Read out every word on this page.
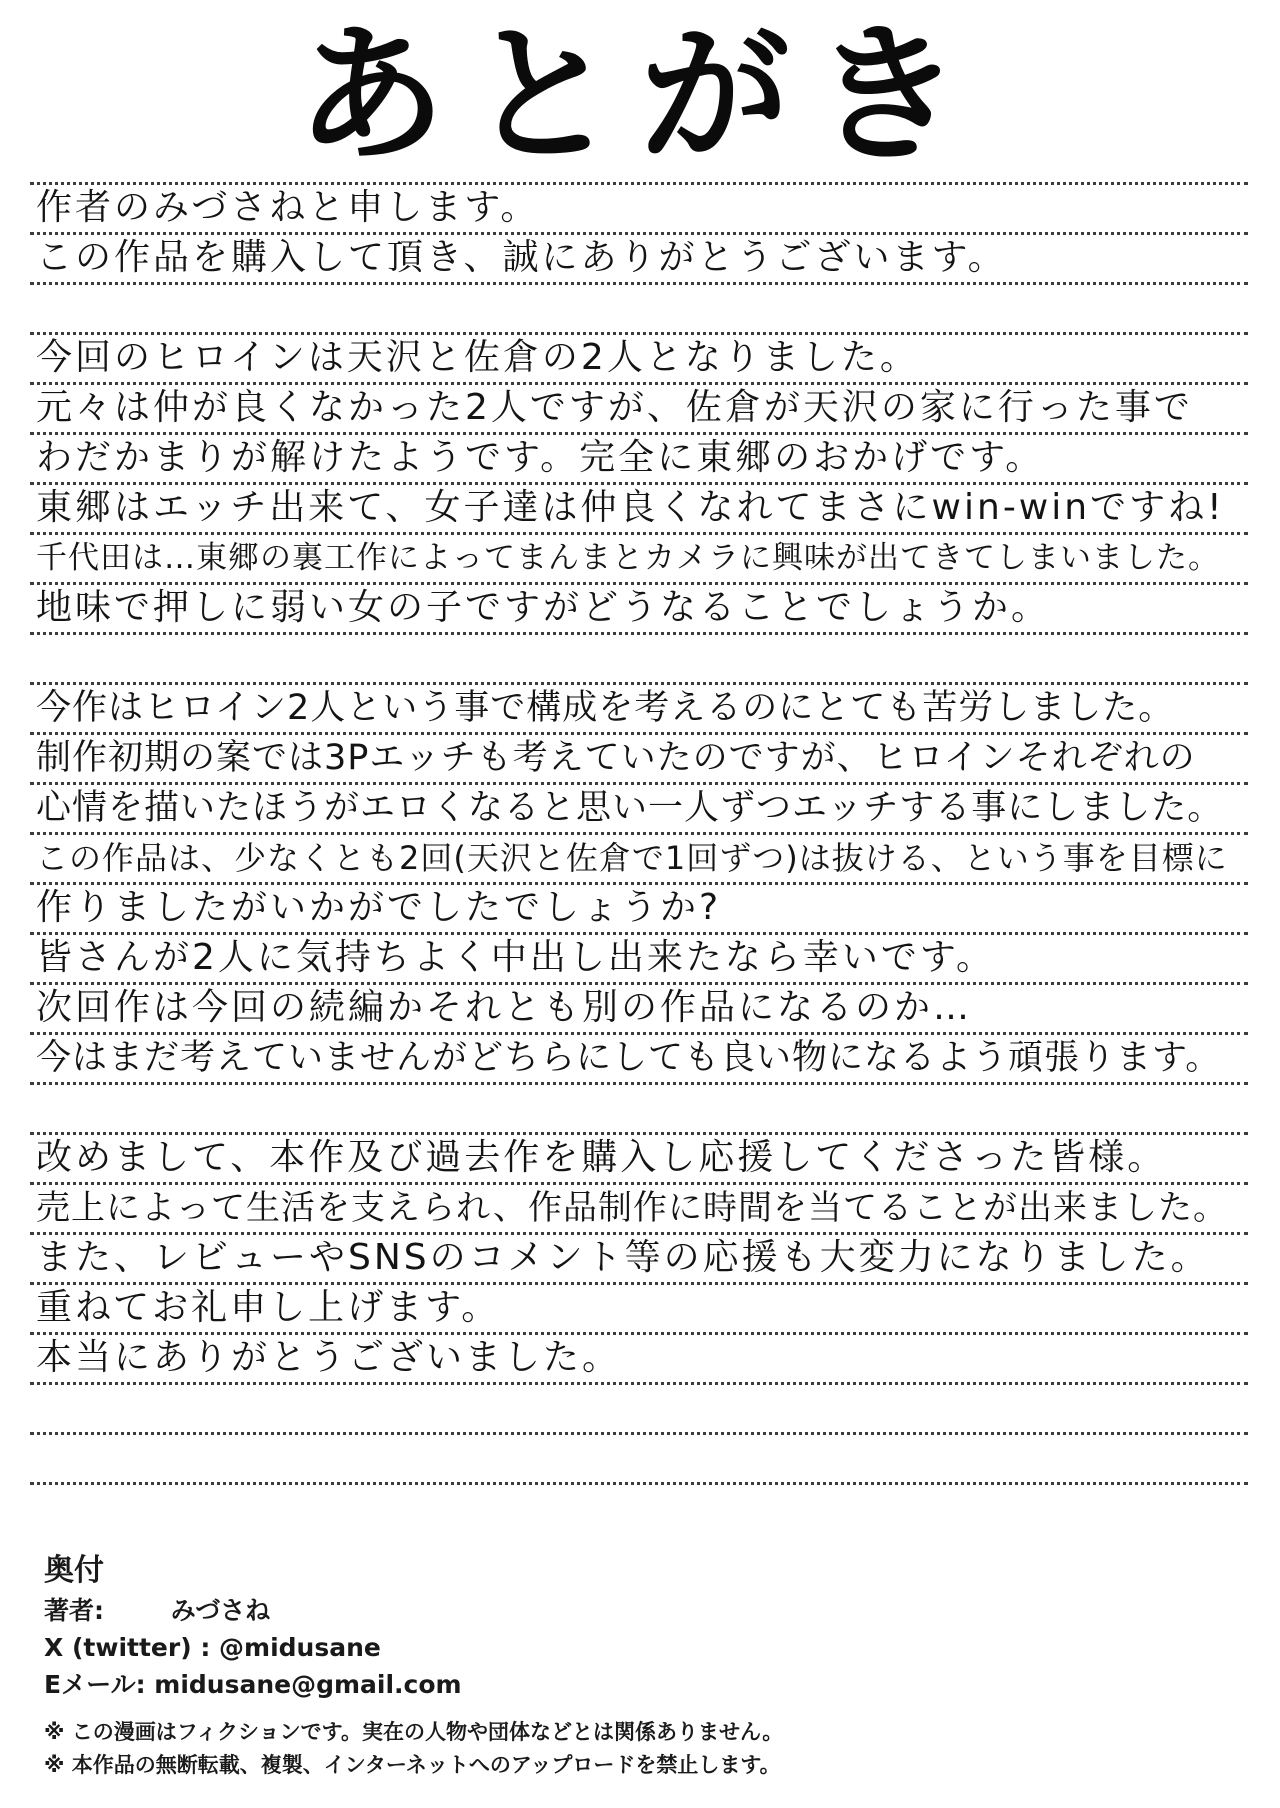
あとがき
作者のみづさねと申します。
この作品を購入して頂き、誠にありがとうございます。
今回のヒロインは天沢と佐倉の2人となりました。
元々は仲が良くなかった2人ですが、佐倉が天沢の家に行った事で
わだかまりが解けたようです。完全に東郷のおかげです。
東郷はエッチ出来て、女子達は仲良くなれてまさにwin-winですね!
千代田は…東郷の裏工作によってまんまとカメラに興味が出てきてしまいました。
地味で押しに弱い女の子ですがどうなることでしょうか。
今作はヒロイン2人という事で構成を考えるのにとても苦労しました。
制作初期の案では3Pエッチも考えていたのですが、ヒロインそれぞれの
心情を描いたほうがエロくなると思い一人ずつエッチする事にしました。
この作品は、少なくとも2回(天沢と佐倉で1回ずつ)は抜ける、という事を目標に
作りましたがいかがでしたでしょうか?
皆さんが2人に気持ちよく中出し出来たなら幸いです。
次回作は今回の続編かそれとも別の作品になるのか…
今はまだ考えていませんがどちらにしても良い物になるよう頑張ります。
改めまして、本作及び過去作を購入し応援してくださった皆様。
売上によって生活を支えられ、作品制作に時間を当てることが出来ました。
また、レビューやSNSのコメント等の応援も大変力になりました。
重ねてお礼申し上げます。
本当にありがとうございました。
奥付
著者:	みづさね
X (twitter) : @midusane
Eメール: midusane@gmail.com
※ この漫画はフィクションです。実在の人物や団体などとは関係ありません。
※ 本作品の無断転載、複製、インターネットへのアップロードを禁止します。
